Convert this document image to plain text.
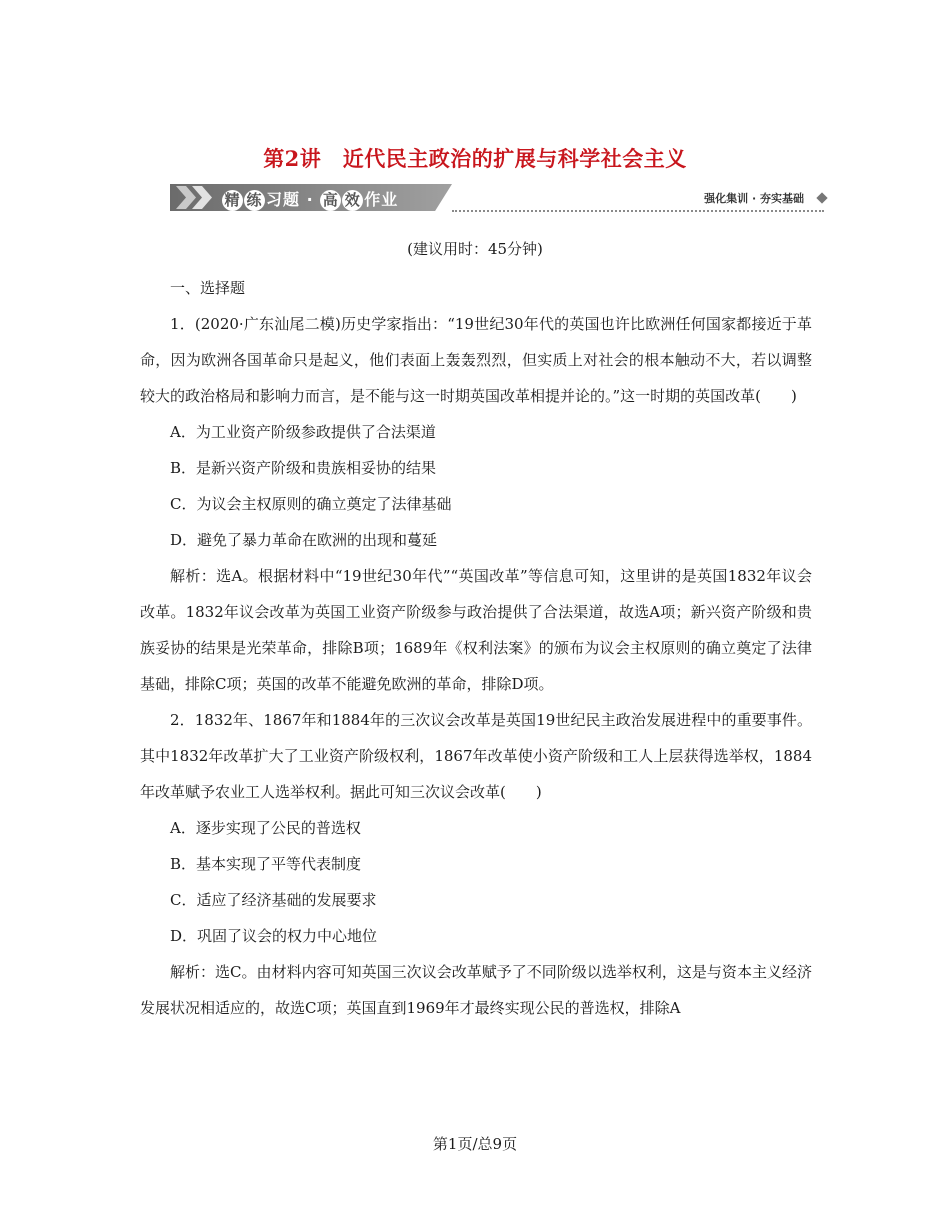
第2讲　近代民主政治的扩展与科学社会主义
精 练 习题 · 高 效 作业	强化集训 · 夯实基础
(建议用时：45分钟)

一、选择题

1．(2020·广东汕尾二模)历史学家指出：“19世纪30年代的英国也许比欧洲任何国家都接近于革命，因为欧洲各国革命只是起义，他们表面上轰轰烈烈，但实质上对社会的根本触动不大，若以调整较大的政治格局和影响力而言，是不能与这一时期英国改革相提并论的。”这一时期的英国改革(　　)

A．为工业资产阶级参政提供了合法渠道

B．是新兴资产阶级和贵族相妥协的结果

C．为议会主权原则的确立奠定了法律基础

D．避免了暴力革命在欧洲的出现和蔓延

解析：选A。根据材料中“19世纪30年代”“英国改革”等信息可知，这里讲的是英国1832年议会改革。1832年议会改革为英国工业资产阶级参与政治提供了合法渠道，故选A项；新兴资产阶级和贵族妥协的结果是光荣革命，排除B项；1689年《权利法案》的颁布为议会主权原则的确立奠定了法律基础，排除C项；英国的改革不能避免欧洲的革命，排除D项。

2．1832年、1867年和1884年的三次议会改革是英国19世纪民主政治发展进程中的重要事件。其中1832年改革扩大了工业资产阶级权利，1867年改革使小资产阶级和工人上层获得选举权，1884年改革赋予农业工人选举权利。据此可知三次议会改革(　　)

A．逐步实现了公民的普选权

B．基本实现了平等代表制度

C．适应了经济基础的发展要求

D．巩固了议会的权力中心地位

解析：选C。由材料内容可知英国三次议会改革赋予了不同阶级以选举权利，这是与资本主义经济发展状况相适应的，故选C项；英国直到1969年才最终实现公民的普选权，排除A

第1页/总9页
